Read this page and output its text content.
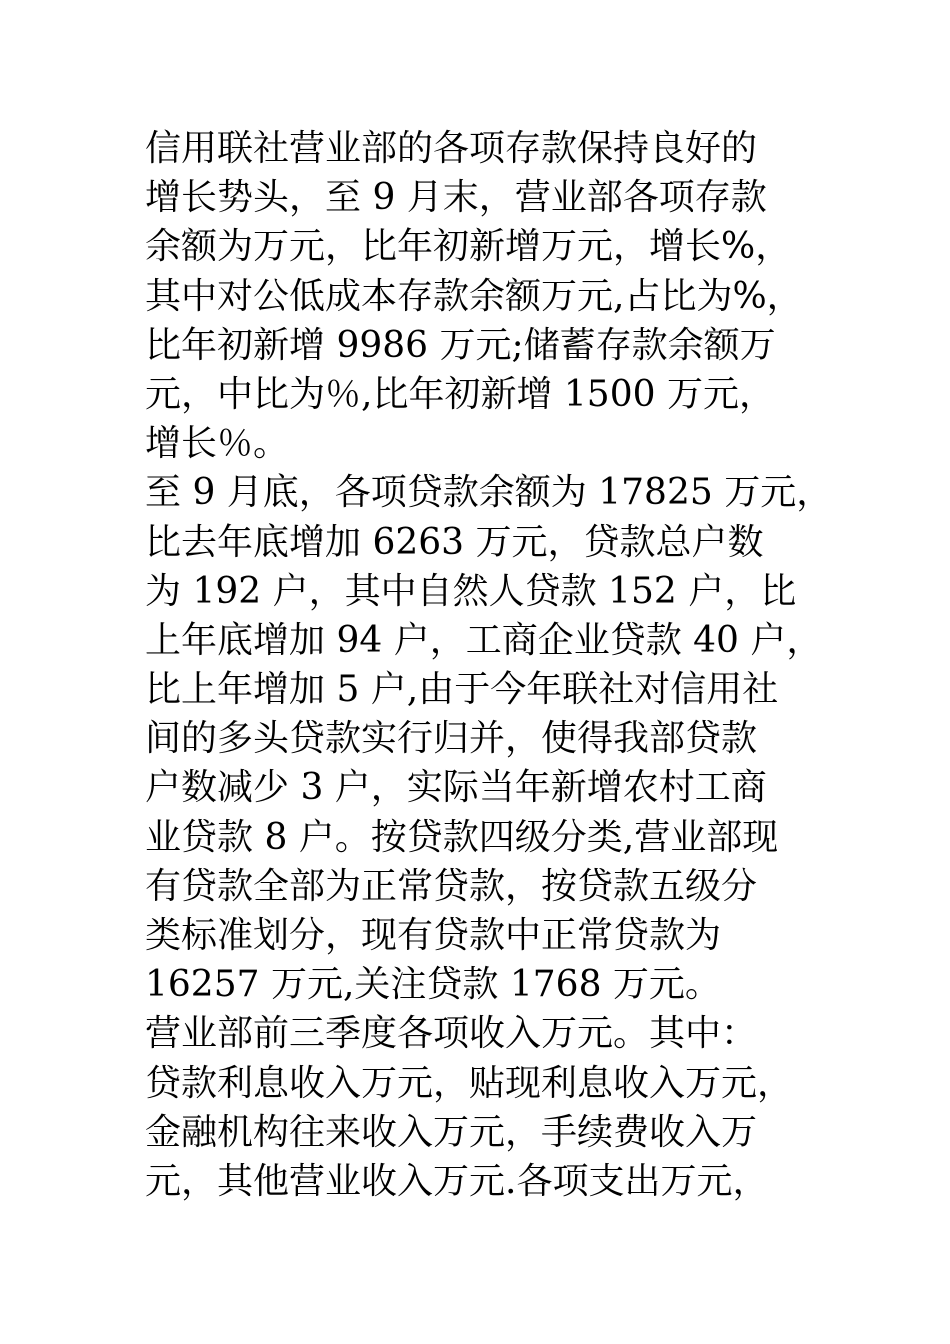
信用联社营业部的各项存款保持良好的
增长势头，至 9 月末，营业部各项存款
余额为万元，比年初新增万元，增长%，
其中对公低成本存款余额万元,占比为%，
比年初新增 9986 万元;储蓄存款余额万
元，中比为％,比年初新增 1500 万元，
增长％。
至 9 月底，各项贷款余额为 17825 万元，
比去年底增加 6263 万元，贷款总户数
为 192 户，其中自然人贷款 152 户，比
上年底增加 94 户，工商企业贷款 40 户，
比上年增加 5 户,由于今年联社对信用社
间的多头贷款实行归并，使得我部贷款
户数减少 3 户，实际当年新增农村工商
业贷款 8 户。按贷款四级分类,营业部现
有贷款全部为正常贷款，按贷款五级分
类标准划分，现有贷款中正常贷款为
16257 万元,关注贷款 1768 万元。
营业部前三季度各项收入万元。其中：
贷款利息收入万元，贴现利息收入万元，
金融机构往来收入万元，手续费收入万
元，其他营业收入万元.各项支出万元，
